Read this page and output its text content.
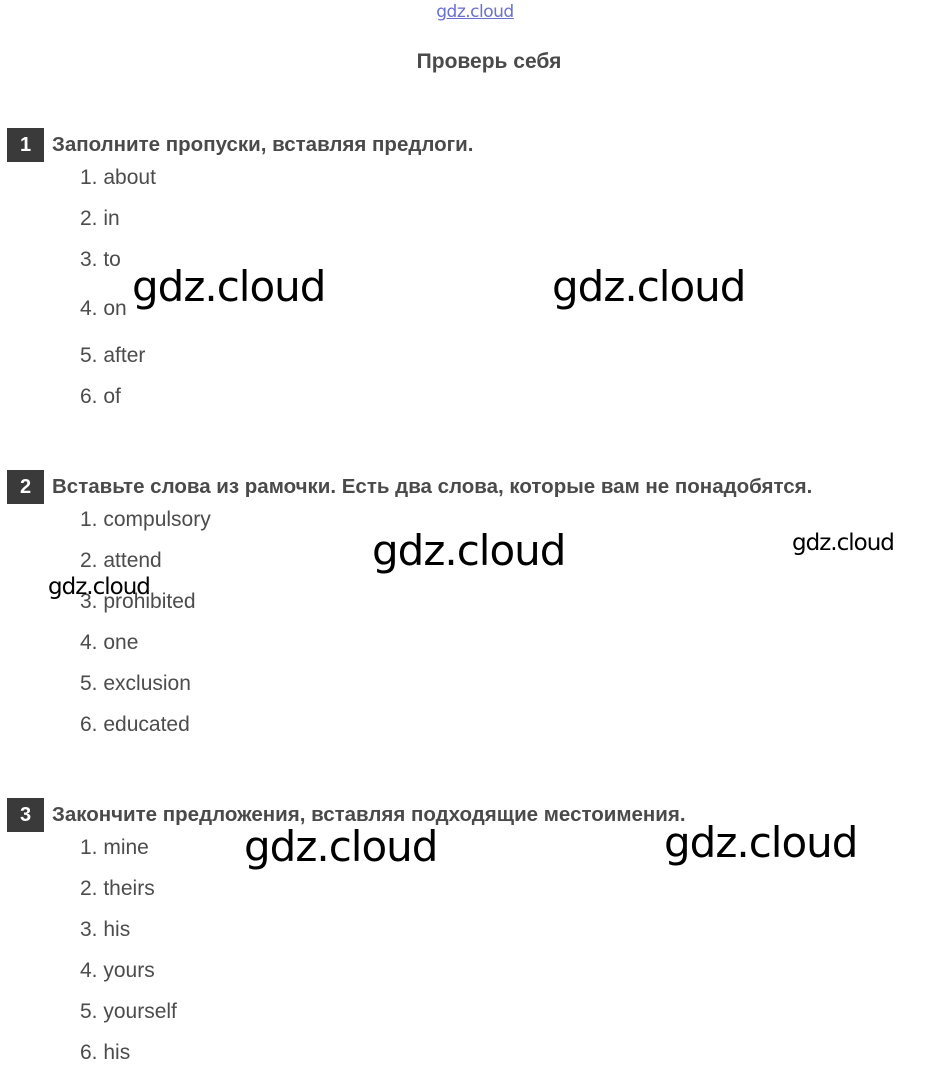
gdz.cloud
Проверь себя
1	Заполните пропуски, вставляя предлоги.
1. about
2. in
3. to
4. on
5. after
6. of
2	Вставьте слова из рамочки. Есть два слова, которые вам не понадобятся.
1. compulsory
2. attend
3. prohibited
4. one
5. exclusion
6. educated
3	Закончите предложения, вставляя подходящие местоимения.
1. mine
2. theirs
3. his
4. yours
5. yourself
6. his
gdz.cloud	gdz.cloud
gdz.cloud	gdz.cloud
gdz.cloud
gdz.cloud	gdz.cloud
